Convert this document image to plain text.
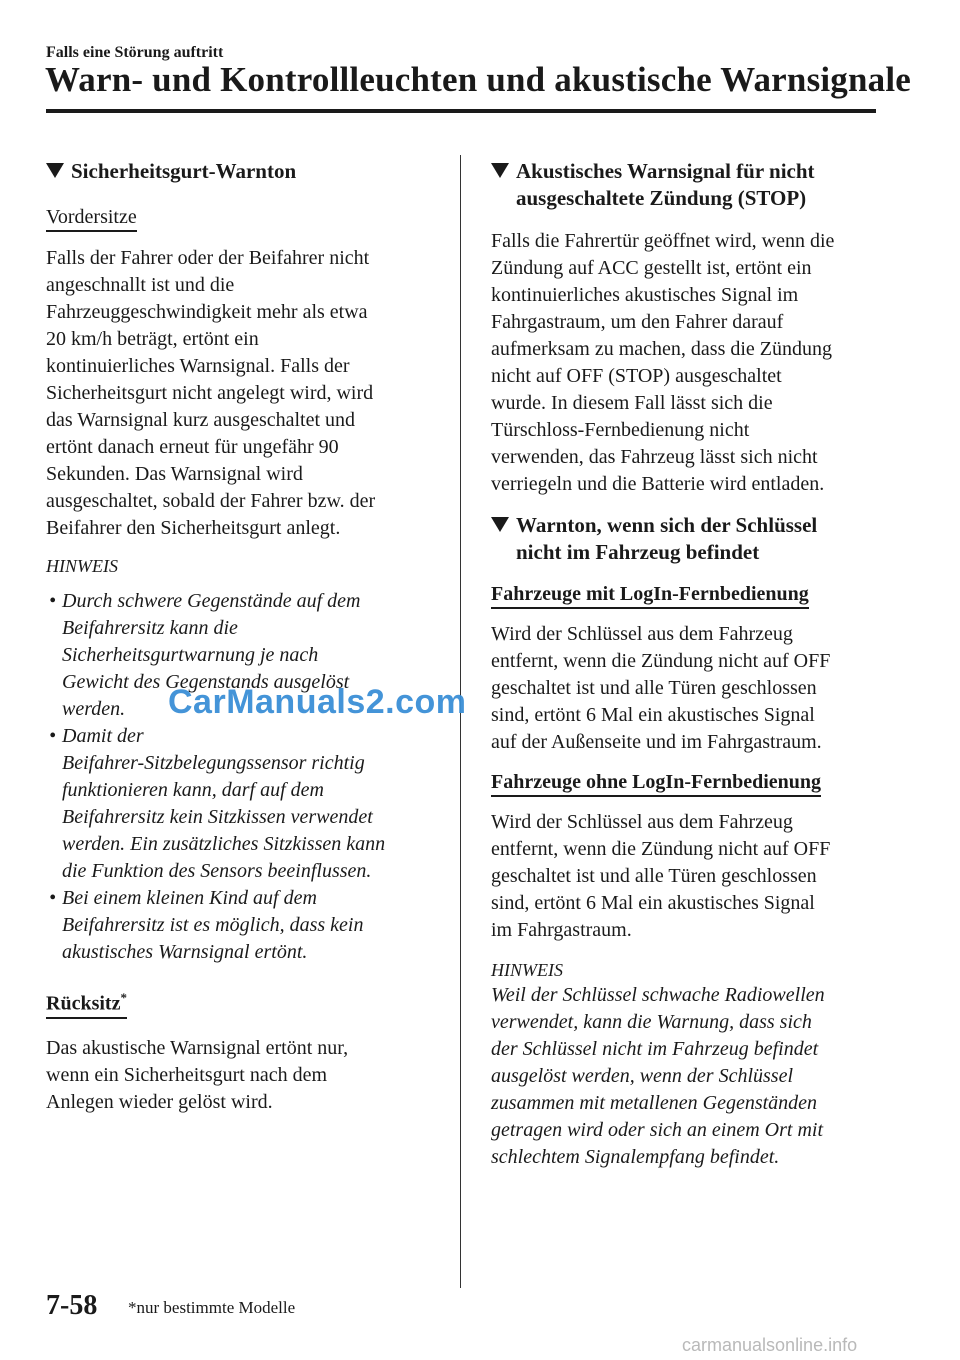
Falls eine Störung auftritt
Warn- und Kontrollleuchten und akustische Warnsignale
Sicherheitsgurt-Warnton
Vordersitze
Falls der Fahrer oder der Beifahrer nicht
angeschnallt ist und die
Fahrzeuggeschwindigkeit mehr als etwa
20 km/h beträgt, ertönt ein
kontinuierliches Warnsignal. Falls der
Sicherheitsgurt nicht angelegt wird, wird
das Warnsignal kurz ausgeschaltet und
ertönt danach erneut für ungefähr 90
Sekunden. Das Warnsignal wird
ausgeschaltet, sobald der Fahrer bzw. der
Beifahrer den Sicherheitsgurt anlegt.
HINWEIS
• Durch schwere Gegenstände auf dem
Beifahrersitz kann die
Sicherheitsgurtwarnung je nach
Gewicht des Gegenstands ausgelöst
werden.
• Damit der
Beifahrer-Sitzbelegungssensor richtig
funktionieren kann, darf auf dem
Beifahrersitz kein Sitzkissen verwendet
werden. Ein zusätzliches Sitzkissen kann
die Funktion des Sensors beeinflussen.
• Bei einem kleinen Kind auf dem
Beifahrersitz ist es möglich, dass kein
akustisches Warnsignal ertönt.
Rücksitz*
Das akustische Warnsignal ertönt nur,
wenn ein Sicherheitsgurt nach dem
Anlegen wieder gelöst wird.
Akustisches Warnsignal für nicht
ausgeschaltete Zündung (STOP)
Falls die Fahrertür geöffnet wird, wenn die
Zündung auf ACC gestellt ist, ertönt ein
kontinuierliches akustisches Signal im
Fahrgastraum, um den Fahrer darauf
aufmerksam zu machen, dass die Zündung
nicht auf OFF (STOP) ausgeschaltet
wurde. In diesem Fall lässt sich die
Türschloss-Fernbedienung nicht
verwenden, das Fahrzeug lässt sich nicht
verriegeln und die Batterie wird entladen.
Warnton, wenn sich der Schlüssel
nicht im Fahrzeug befindet
Fahrzeuge mit LogIn-Fernbedienung
Wird der Schlüssel aus dem Fahrzeug
entfernt, wenn die Zündung nicht auf OFF
geschaltet ist und alle Türen geschlossen
sind, ertönt 6 Mal ein akustisches Signal
auf der Außenseite und im Fahrgastraum.
Fahrzeuge ohne LogIn-Fernbedienung
Wird der Schlüssel aus dem Fahrzeug
entfernt, wenn die Zündung nicht auf OFF
geschaltet ist und alle Türen geschlossen
sind, ertönt 6 Mal ein akustisches Signal
im Fahrgastraum.
HINWEIS
Weil der Schlüssel schwache Radiowellen
verwendet, kann die Warnung, dass sich
der Schlüssel nicht im Fahrzeug befindet
ausgelöst werden, wenn der Schlüssel
zusammen mit metallenen Gegenständen
getragen wird oder sich an einem Ort mit
schlechtem Signalempfang befindet.
CarManuals2.com
7-58 *nur bestimmte Modelle
carmanualsonline.info
